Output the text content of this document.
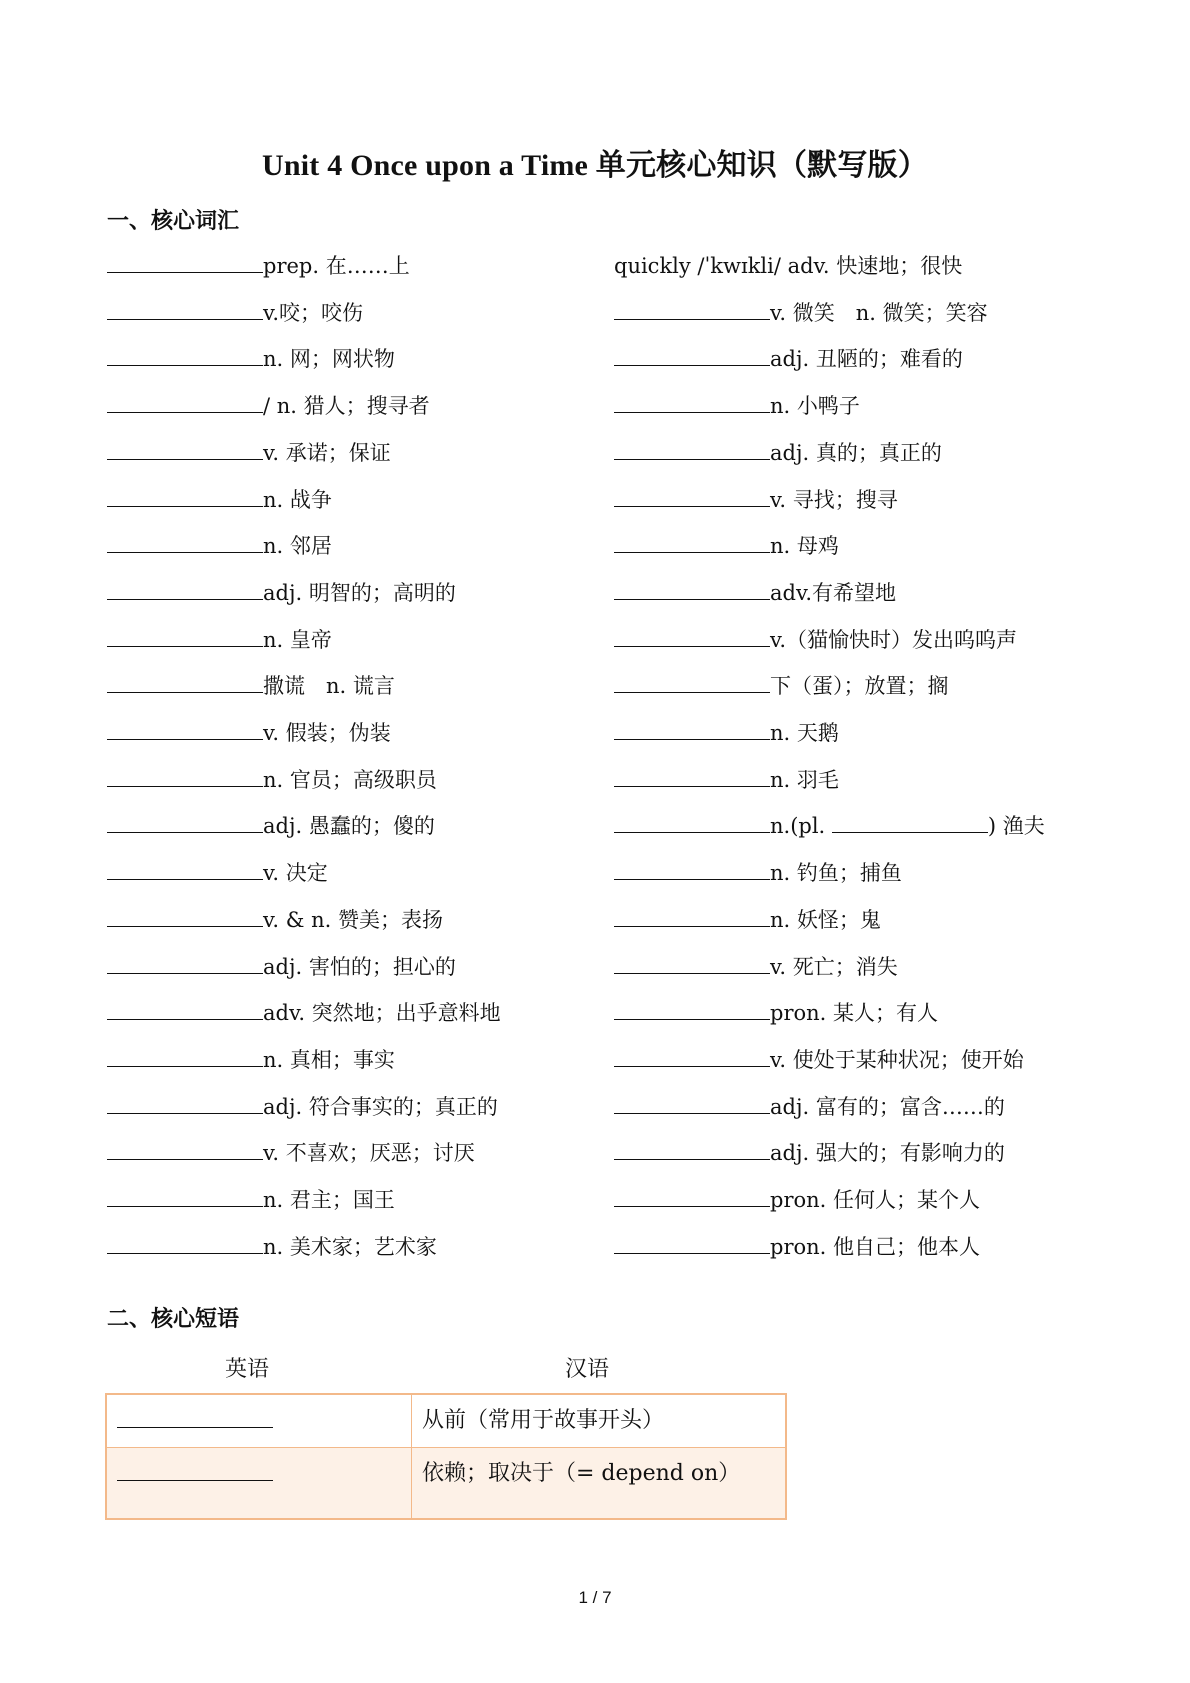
Unit 4 Once upon a Time 单元核心知识（默写版）
一、核心词汇
prep. 在……上	quickly /ˈkwɪkli/ adv. 快速地；很快
v.咬；咬伤	v. 微笑　n. 微笑；笑容
n. 网；网状物	adj. 丑陋的；难看的
/ n. 猎人；搜寻者	n. 小鸭子
v. 承诺；保证	adj. 真的；真正的
n. 战争	v. 寻找；搜寻
n. 邻居	n. 母鸡
adj. 明智的；高明的	adv.有希望地
n. 皇帝	v.（猫愉快时）发出呜呜声
撒谎　n. 谎言	下（蛋）；放置；搁
v. 假装；伪装	n. 天鹅
n. 官员；高级职员	n. 羽毛
adj. 愚蠢的；傻的	n.(pl.	) 渔夫
v. 决定	n. 钓鱼；捕鱼
v. & n. 赞美；表扬	n. 妖怪；鬼
adj. 害怕的；担心的	v. 死亡；消失
adv. 突然地；出乎意料地	pron. 某人；有人
n. 真相；事实	v. 使处于某种状况；使开始
adj. 符合事实的；真正的	adj. 富有的；富含……的
v. 不喜欢；厌恶；讨厌	adj. 强大的；有影响力的
n. 君主；国王	pron. 任何人；某个人
n. 美术家；艺术家	pron. 他自己；他本人
二、核心短语
英语	汉语
	从前（常用于故事开头）
	依赖；取决于（= depend on）
1 / 7
